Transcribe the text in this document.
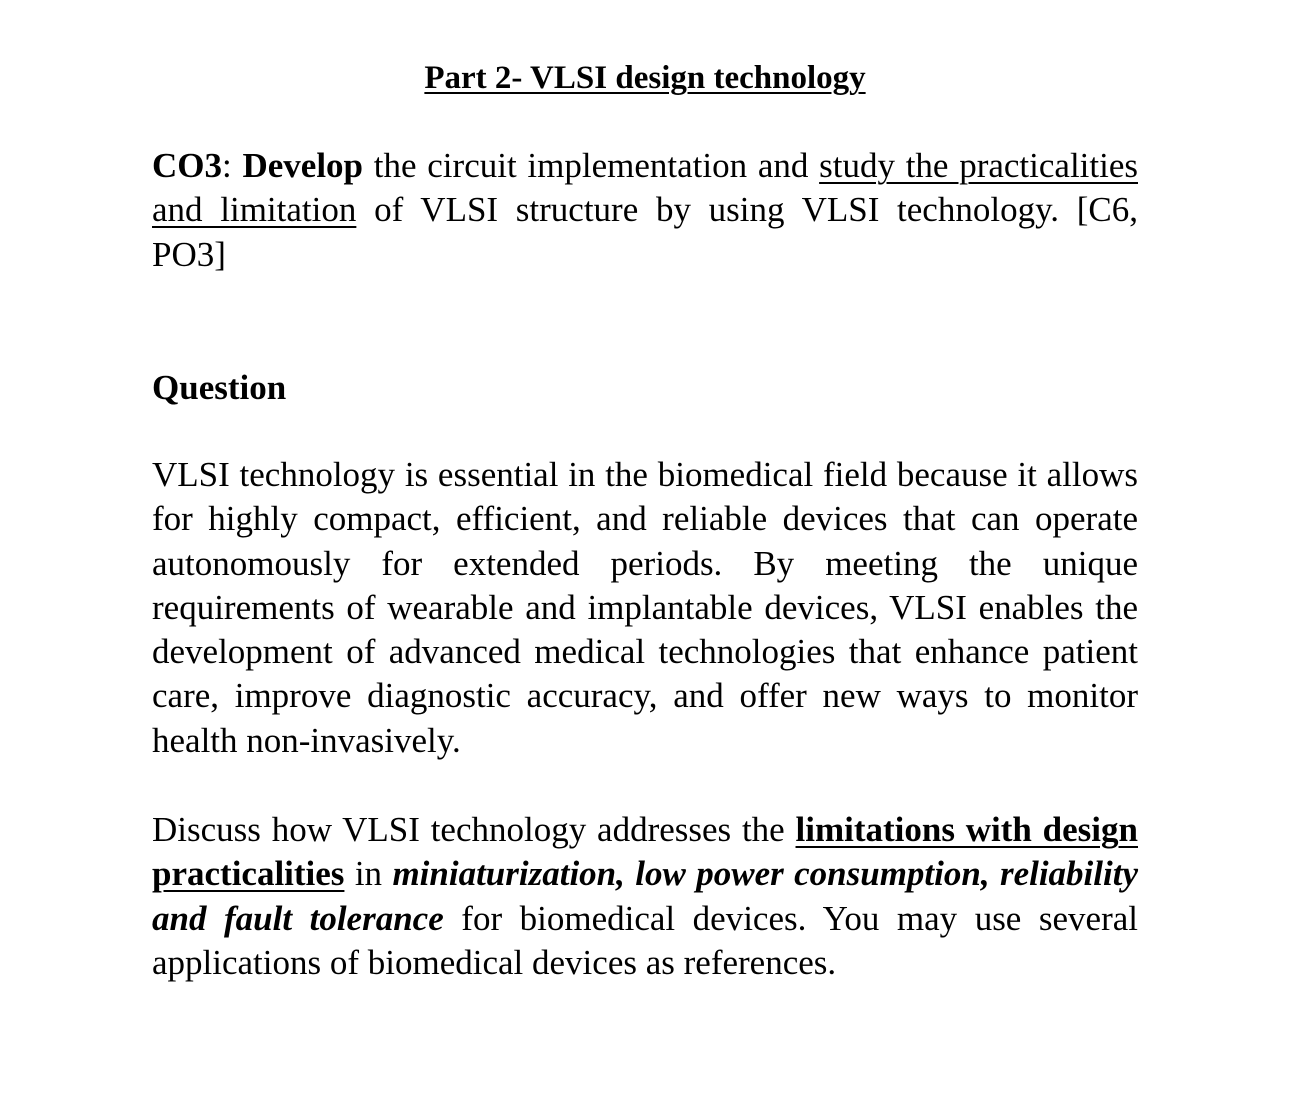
Part 2- VLSI design technology

CO3: Develop the circuit implementation and study the practicalities and limitation of VLSI structure by using VLSI technology. [C6, PO3]

Question

VLSI technology is essential in the biomedical field because it allows for highly compact, efficient, and reliable devices that can operate autonomously for extended periods. By meeting the unique requirements of wearable and implantable devices, VLSI enables the development of advanced medical technologies that enhance patient care, improve diagnostic accuracy, and offer new ways to monitor health non-invasively.

Discuss how VLSI technology addresses the limitations with design practicalities in miniaturization, low power consumption, reliability and fault tolerance for biomedical devices. You may use several applications of biomedical devices as references.
